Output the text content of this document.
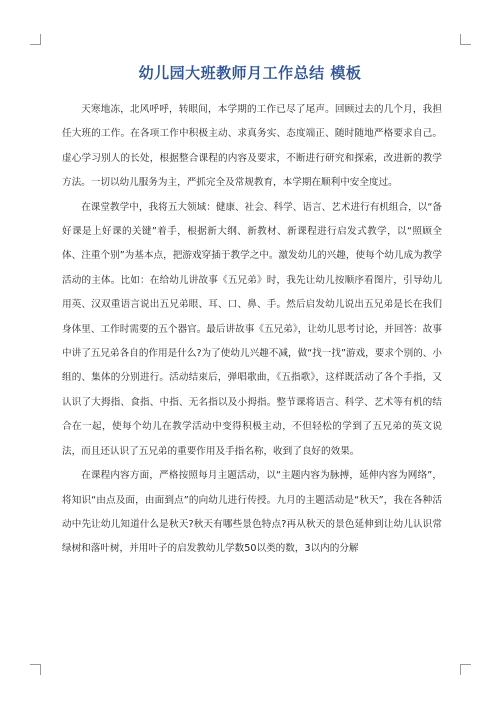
幼儿园大班教师月工作总结 模板

天寒地冻，北风呼呼，转眼间，本学期的工作已尽了尾声。回顾过去的几个月，我担任大班的工作。在各项工作中积极主动、求真务实、态度端正、随时随地严格要求自己。虚心学习别人的长处，根据整合课程的内容及要求，不断进行研究和探索，改进新的教学方法。一切以幼儿服务为主，严抓完全及常规教育，本学期在顺利中安全度过。

在课堂教学中，我将五大领域：健康、社会、科学、语言、艺术进行有机组合，以“备好课是上好课的关键”着手，根据新大纲、新教材、新课程进行启发式教学，以“照顾全体、注重个别”为基本点，把游戏穿插于教学之中。激发幼儿的兴趣，使每个幼儿成为教学活动的主体。比如：在给幼儿讲故事《五兄弟》时，我先让幼儿按顺序看图片，引导幼儿用英、汉双重语言说出五兄弟眼、耳、口、鼻、手。然后启发幼儿说出五兄弟是长在我们身体里、工作时需要的五个器官。最后讲故事《五兄弟》，让幼儿思考讨论，并回答：故事中讲了五兄弟各自的作用是什么?为了使幼儿兴趣不减，做“找一找”游戏，要求个别的、小组的、集体的分别进行。活动结束后，弹唱歌曲，《五指歌》，这样既活动了各个手指，又认识了大拇指、食指、中指、无名指以及小拇指。整节课将语言、科学、艺术等有机的结合在一起，使每个幼儿在教学活动中变得积极主动，不但轻松的学到了五兄弟的英文说法，而且还认识了五兄弟的重要作用及手指名称，收到了良好的效果。

在课程内容方面，严格按照每月主题活动，以“主题内容为脉搏，延伸内容为网络”，将知识“由点及面，由面到点”的向幼儿进行传授。九月的主题活动是“秋天”，我在各种活动中先让幼儿知道什么是秋天?秋天有哪些景色特点?再从秋天的景色延伸到让幼儿认识常绿树和落叶树，并用叶子的启发教幼儿学数50以类的数，3以内的分解
